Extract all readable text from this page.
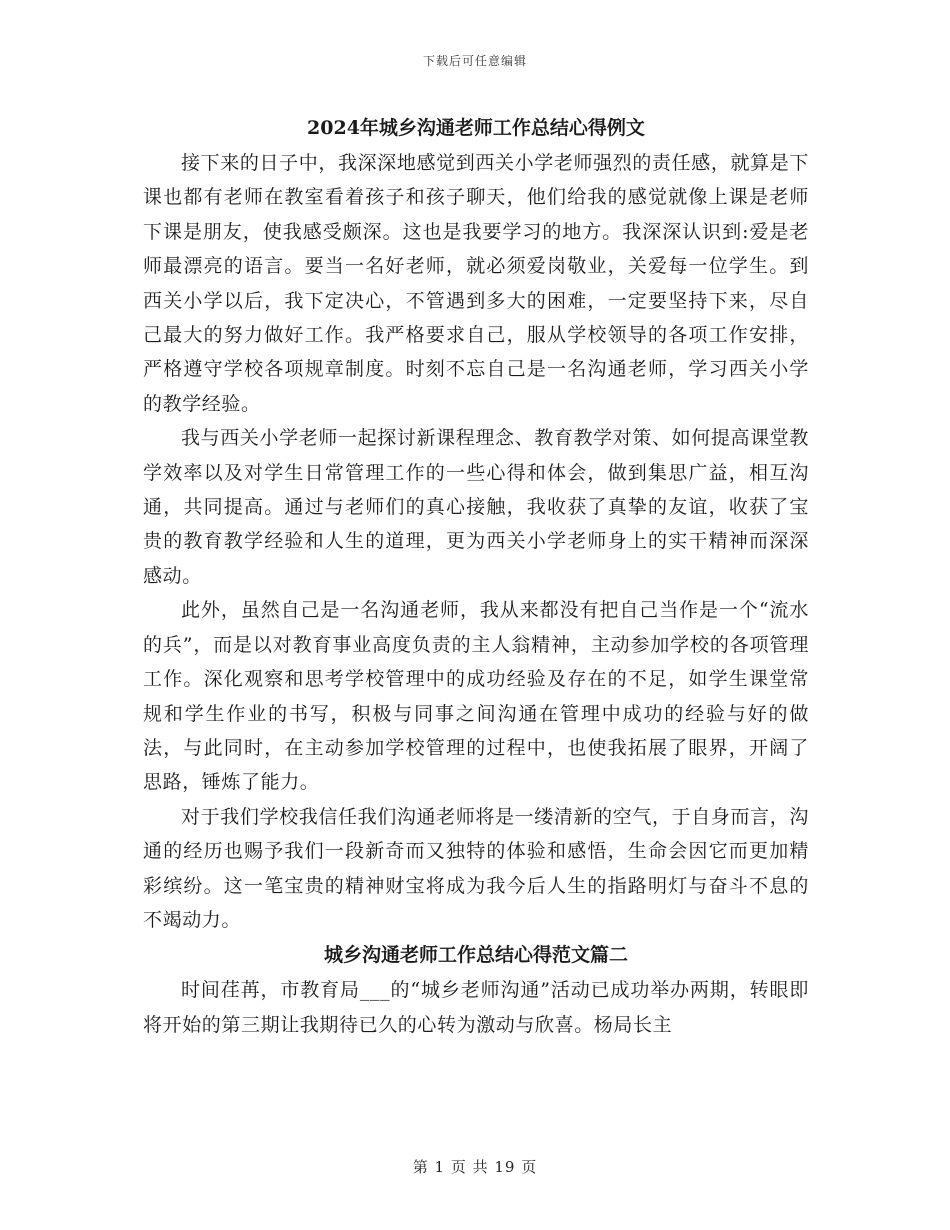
下载后可任意编辑
2024年城乡沟通老师工作总结心得例文

接下来的日子中，我深深地感觉到西关小学老师强烈的责任感，就算是下课也都有老师在教室看着孩子和孩子聊天，他们给我的感觉就像上课是老师下课是朋友，使我感受颇深。这也是我要学习的地方。我深深认识到:爱是老师最漂亮的语言。要当一名好老师，就必须爱岗敬业，关爱每一位学生。到西关小学以后，我下定决心，不管遇到多大的困难，一定要坚持下来，尽自己最大的努力做好工作。我严格要求自己，服从学校领导的各项工作安排，严格遵守学校各项规章制度。时刻不忘自己是一名沟通老师，学习西关小学的教学经验。

我与西关小学老师一起探讨新课程理念、教育教学对策、如何提高课堂教学效率以及对学生日常管理工作的一些心得和体会，做到集思广益，相互沟通，共同提高。通过与老师们的真心接触，我收获了真挚的友谊，收获了宝贵的教育教学经验和人生的道理，更为西关小学老师身上的实干精神而深深感动。

此外，虽然自己是一名沟通老师，我从来都没有把自己当作是一个“流水的兵”，而是以对教育事业高度负责的主人翁精神，主动参加学校的各项管理工作。深化观察和思考学校管理中的成功经验及存在的不足，如学生课堂常规和学生作业的书写，积极与同事之间沟通在管理中成功的经验与好的做法，与此同时，在主动参加学校管理的过程中，也使我拓展了眼界，开阔了思路，锤炼了能力。

对于我们学校我信任我们沟通老师将是一缕清新的空气，于自身而言，沟通的经历也赐予我们一段新奇而又独特的体验和感悟，生命会因它而更加精彩缤纷。这一笔宝贵的精神财宝将成为我今后人生的指路明灯与奋斗不息的不竭动力。

城乡沟通老师工作总结心得范文篇二

时间荏苒，市教育局___的“城乡老师沟通”活动已成功举办两期，转眼即将开始的第三期让我期待已久的心转为激动与欣喜。杨局长主

第 1 页 共 19 页
